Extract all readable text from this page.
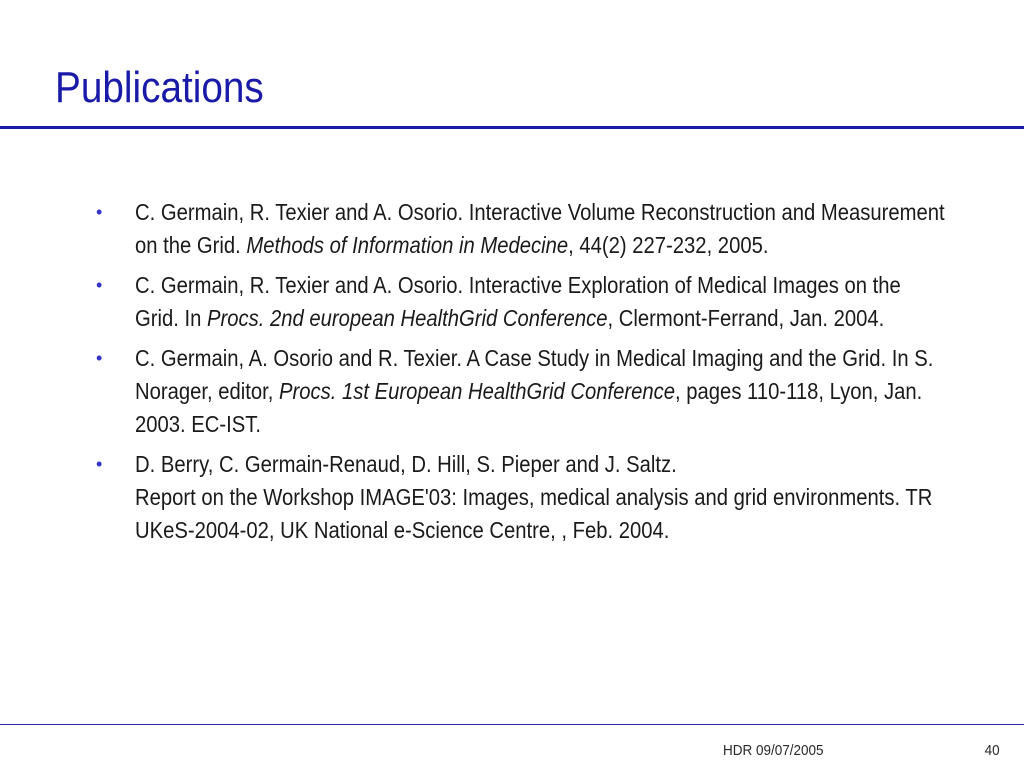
Publications
• C. Germain, R. Texier and A. Osorio. Interactive Volume Reconstruction and Measurement on the Grid. Methods of Information in Medecine, 44(2) 227-232, 2005.
• C. Germain, R. Texier and A. Osorio. Interactive Exploration of Medical Images on the Grid. In Procs. 2nd european HealthGrid Conference, Clermont-Ferrand, Jan. 2004.
• C. Germain, A. Osorio and R. Texier. A Case Study in Medical Imaging and the Grid. In S. Norager, editor, Procs. 1st European HealthGrid Conference, pages 110-118, Lyon, Jan. 2003. EC-IST.
• D. Berry, C. Germain-Renaud, D. Hill, S. Pieper and J. Saltz.
Report on the Workshop IMAGE'03: Images, medical analysis and grid environments. TR UKeS-2004-02, UK National e-Science Centre, , Feb. 2004.
HDR 09/07/2005	40
